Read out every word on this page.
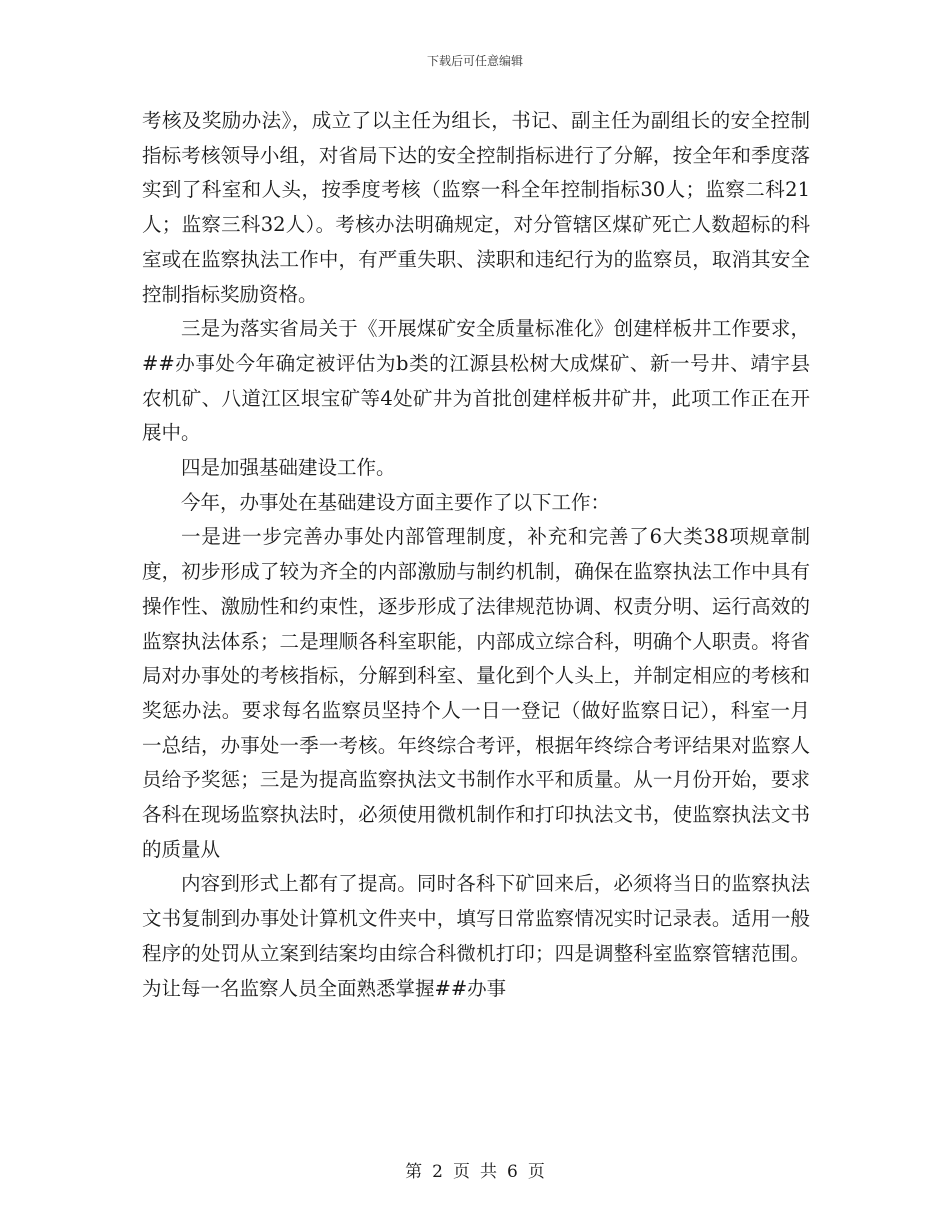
下载后可任意编辑

考核及奖励办法》，成立了以主任为组长，书记、副主任为副组长的安全控制指标考核领导小组，对省局下达的安全控制指标进行了分解，按全年和季度落实到了科室和人头，按季度考核（监察一科全年控制指标30人；监察二科21人；监察三科32人）。考核办法明确规定，对分管辖区煤矿死亡人数超标的科室或在监察执法工作中，有严重失职、渎职和违纪行为的监察员，取消其安全控制指标奖励资格。

三是为落实省局关于《开展煤矿安全质量标准化》创建样板井工作要求，##办事处今年确定被评估为b类的江源县松树大成煤矿、新一号井、靖宇县农机矿、八道江区垠宝矿等4处矿井为首批创建样板井矿井，此项工作正在开展中。

四是加强基础建设工作。

今年，办事处在基础建设方面主要作了以下工作：

一是进一步完善办事处内部管理制度，补充和完善了6大类38项规章制度，初步形成了较为齐全的内部激励与制约机制，确保在监察执法工作中具有操作性、激励性和约束性，逐步形成了法律规范协调、权责分明、运行高效的监察执法体系；二是理顺各科室职能，内部成立综合科，明确个人职责。将省局对办事处的考核指标，分解到科室、量化到个人头上，并制定相应的考核和奖惩办法。要求每名监察员坚持个人一日一登记（做好监察日记），科室一月一总结，办事处一季一考核。年终综合考评，根据年终综合考评结果对监察人员给予奖惩；三是为提高监察执法文书制作水平和质量。从一月份开始，要求各科在现场监察执法时，必须使用微机制作和打印执法文书，使监察执法文书的质量从

内容到形式上都有了提高。同时各科下矿回来后，必须将当日的监察执法文书复制到办事处计算机文件夹中，填写日常监察情况实时记录表。适用一般程序的处罚从立案到结案均由综合科微机打印；四是调整科室监察管辖范围。为让每一名监察人员全面熟悉掌握##办事

第 2 页 共 6 页
